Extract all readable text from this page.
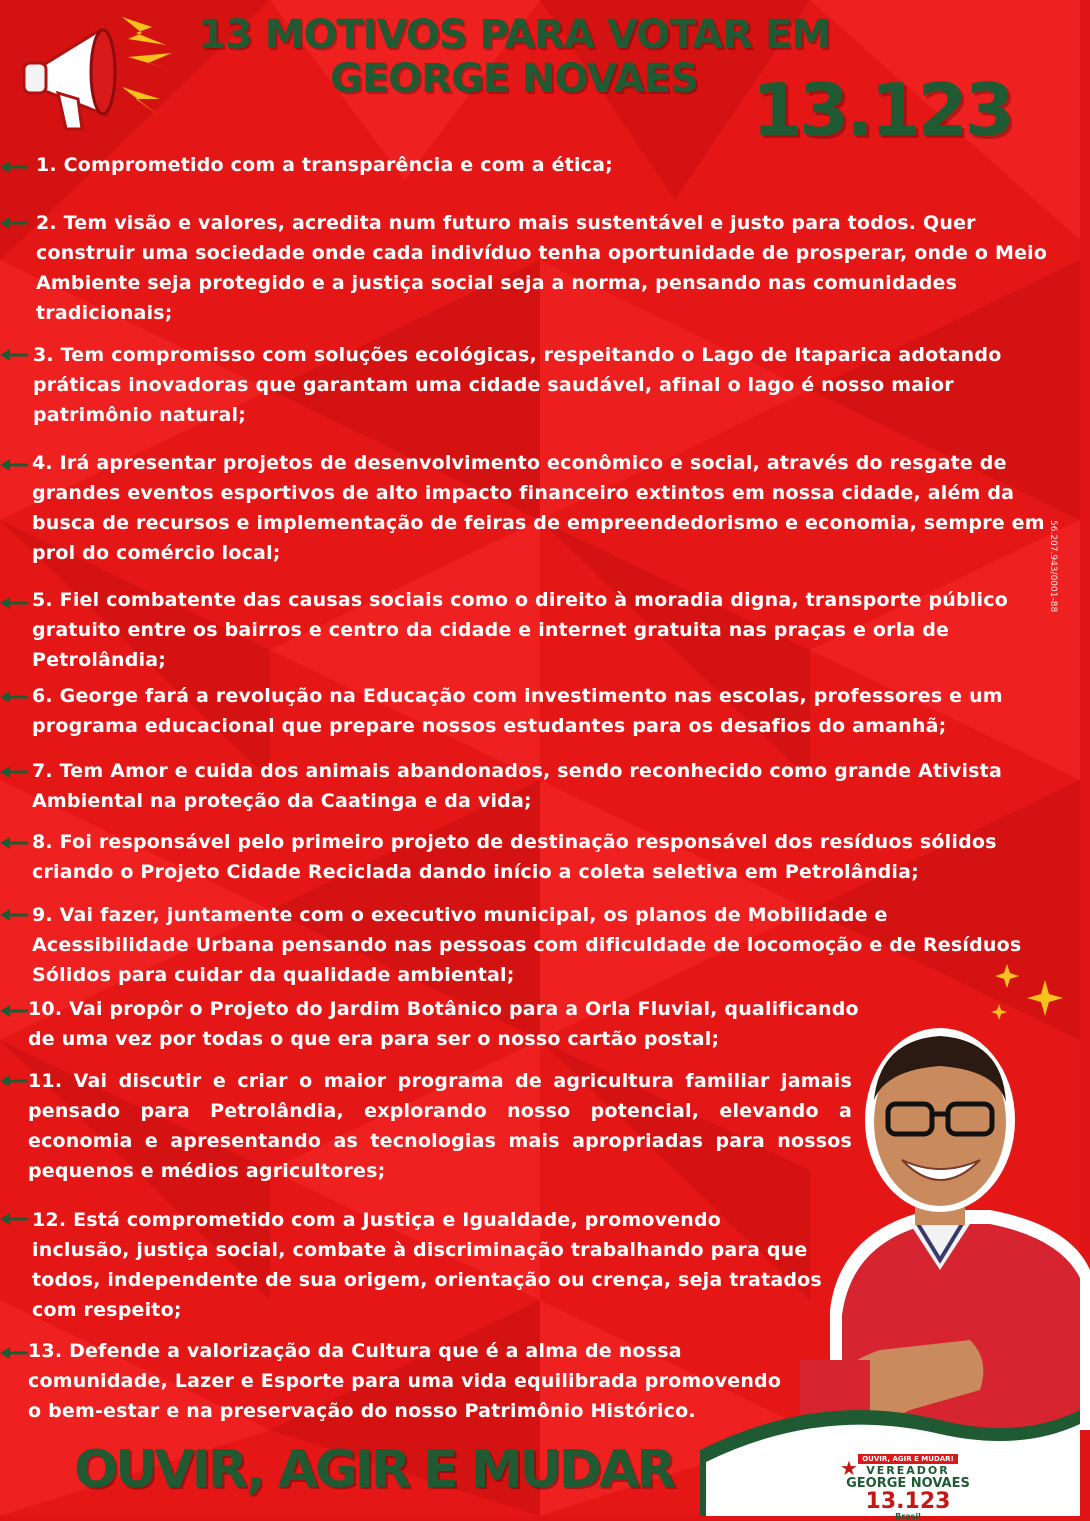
13 MOTIVOS PARA VOTAR EM
GEORGE NOVAES 13.123
1. Comprometido com a transparência e com a ética;
2. Tem visão e valores, acredita num futuro mais sustentável e justo para todos. Quer construir uma sociedade onde cada indivíduo tenha oportunidade de prosperar, onde o Meio Ambiente seja protegido e a justiça social seja a norma, pensando nas comunidades tradicionais;
3. Tem compromisso com soluções ecológicas, respeitando o Lago de Itaparica adotando práticas inovadoras que garantam uma cidade saudável, afinal o lago é nosso maior patrimônio natural;
4. Irá apresentar projetos de desenvolvimento econômico e social, através do resgate de grandes eventos esportivos de alto impacto financeiro extintos em nossa cidade, além da busca de recursos e implementação de feiras de empreendedorismo e economia, sempre em prol do comércio local;
5. Fiel combatente das causas sociais como o direito à moradia digna, transporte público gratuito entre os bairros e centro da cidade e internet gratuita nas praças e orla de Petrolândia;
6. George fará a revolução na Educação com investimento nas escolas, professores e um programa educacional que prepare nossos estudantes para os desafios do amanhã;
7. Tem Amor e cuida dos animais abandonados, sendo reconhecido como grande Ativista Ambiental na proteção da Caatinga e da vida;
8. Foi responsável pelo primeiro projeto de destinação responsável dos resíduos sólidos criando o Projeto Cidade Reciclada dando início a coleta seletiva em Petrolândia;
9. Vai fazer, juntamente com o executivo municipal, os planos de Mobilidade e Acessibilidade Urbana pensando nas pessoas com dificuldade de locomoção e de Resíduos Sólidos para cuidar da qualidade ambiental;
10. Vai propôr o Projeto do Jardim Botânico para a Orla Fluvial, qualificando de uma vez por todas o que era para ser o nosso cartão postal;
11. Vai discutir e criar o maior programa de agricultura familiar jamais pensado para Petrolândia, explorando nosso potencial, elevando a economia e apresentando as tecnologias mais apropriadas para nossos pequenos e médios agricultores;
12. Está comprometido com a Justiça e Igualdade, promovendo inclusão, justiça social, combate à discriminação trabalhando para que todos, independente de sua origem, orientação ou crença, seja tratados com respeito;
13. Defende a valorização da Cultura que é a alma de nossa comunidade, Lazer e Esporte para uma vida equilibrada promovendo o bem-estar e na preservação do nosso Patrimônio Histórico.
56.207.943/0001-88
★ OUVIR, AGIR E MUDAR!
VEREADOR
GEORGE NOVAES
13.123
Brasil
OUVIR, AGIR E MUDAR
